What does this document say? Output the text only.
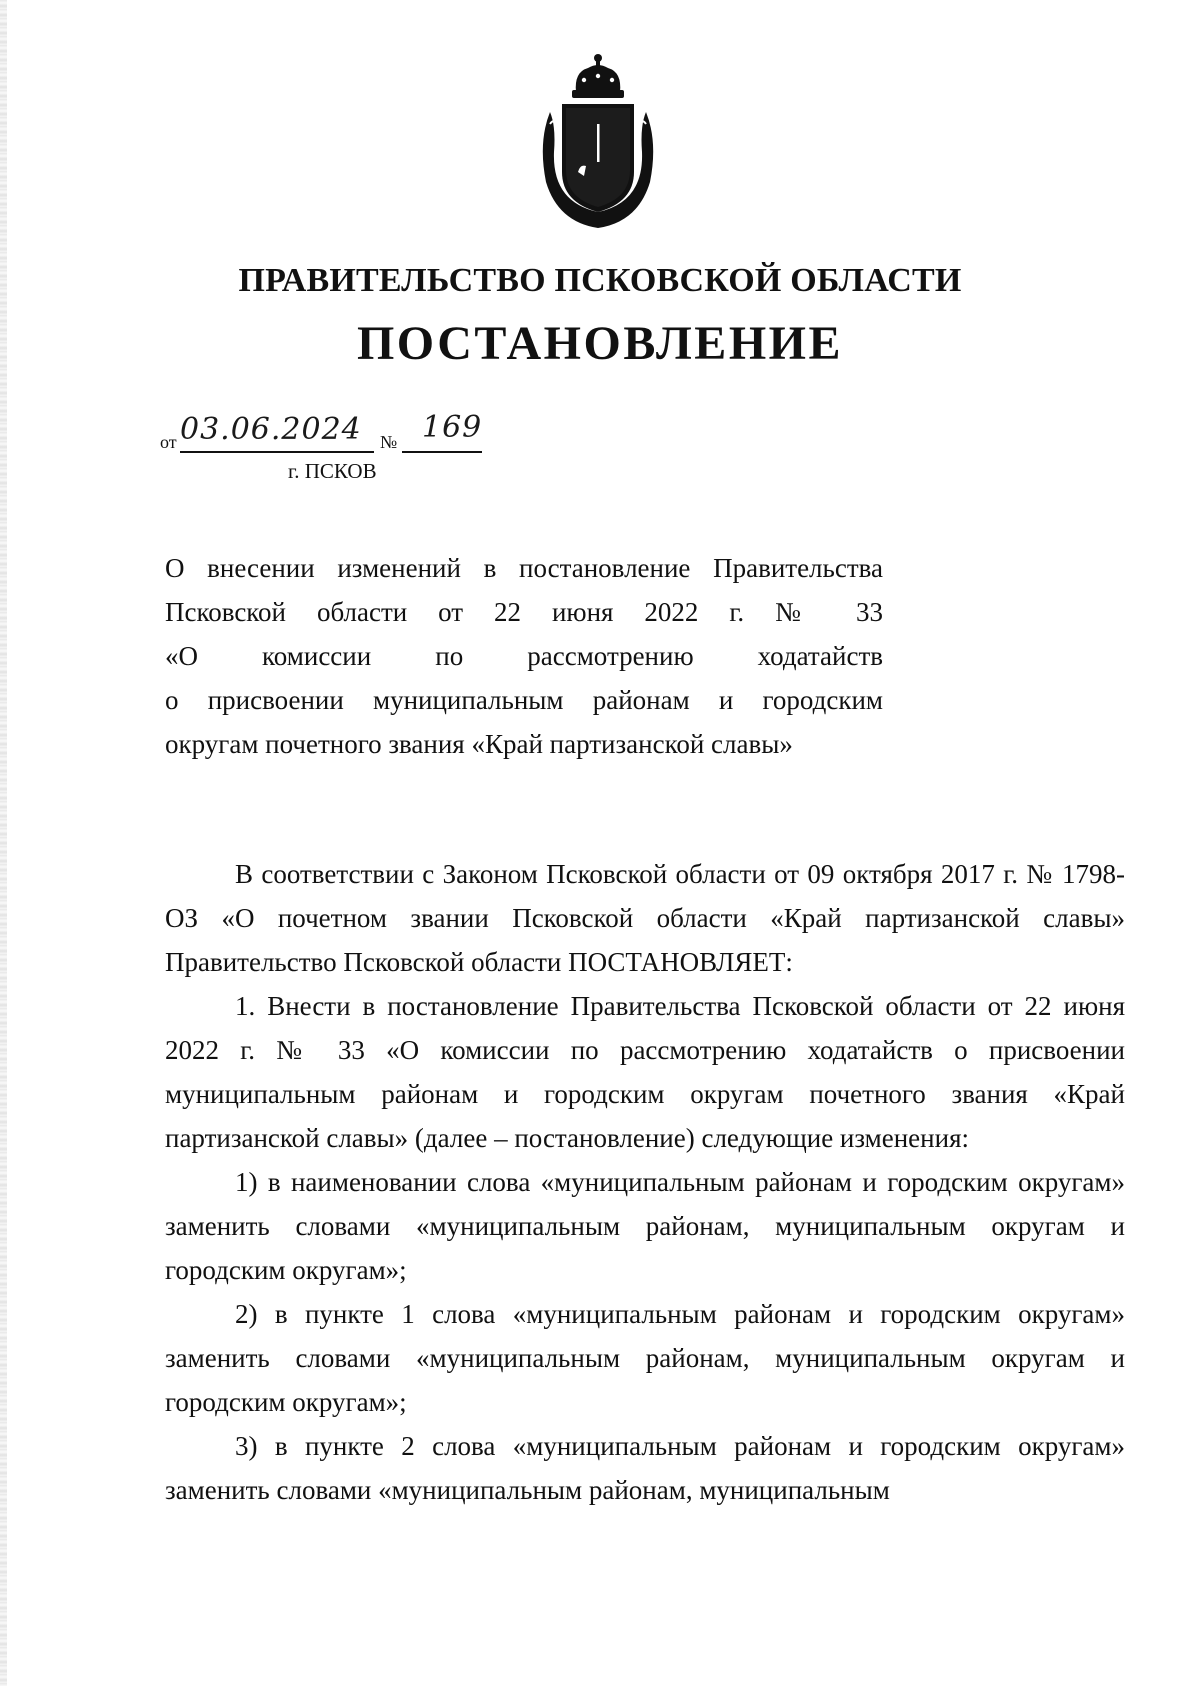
ПРАВИТЕЛЬСТВО ПСКОВСКОЙ ОБЛАСТИ
ПОСТАНОВЛЕНИЕ
от 03.06.2024 № 169
г. ПСКОВ

О внесении изменений в постановление Правительства

Псковской области от 22 июня 2022 г. № 33

«О комиссии по рассмотрению ходатайств

о присвоении муниципальным районам и городским

округам почетного звания «Край партизанской славы»

В соответствии с Законом Псковской области от 09 октября 2017 г. № 1798-ОЗ «О почетном звании Псковской области «Край партизанской славы» Правительство Псковской области ПОСТАНОВЛЯЕТ:

1. Внести в постановление Правительства Псковской области от 22 июня 2022 г. № 33 «О комиссии по рассмотрению ходатайств о присвоении муниципальным районам и городским округам почетного звания «Край партизанской славы» (далее – постановление) следующие изменения:

1) в наименовании слова «муниципальным районам и городским округам» заменить словами «муниципальным районам, муниципальным округам и городским округам»;

2) в пункте 1 слова «муниципальным районам и городским округам» заменить словами «муниципальным районам, муниципальным округам и городским округам»;

3) в пункте 2 слова «муниципальным районам и городским округам» заменить словами «муниципальным районам, муниципальным
